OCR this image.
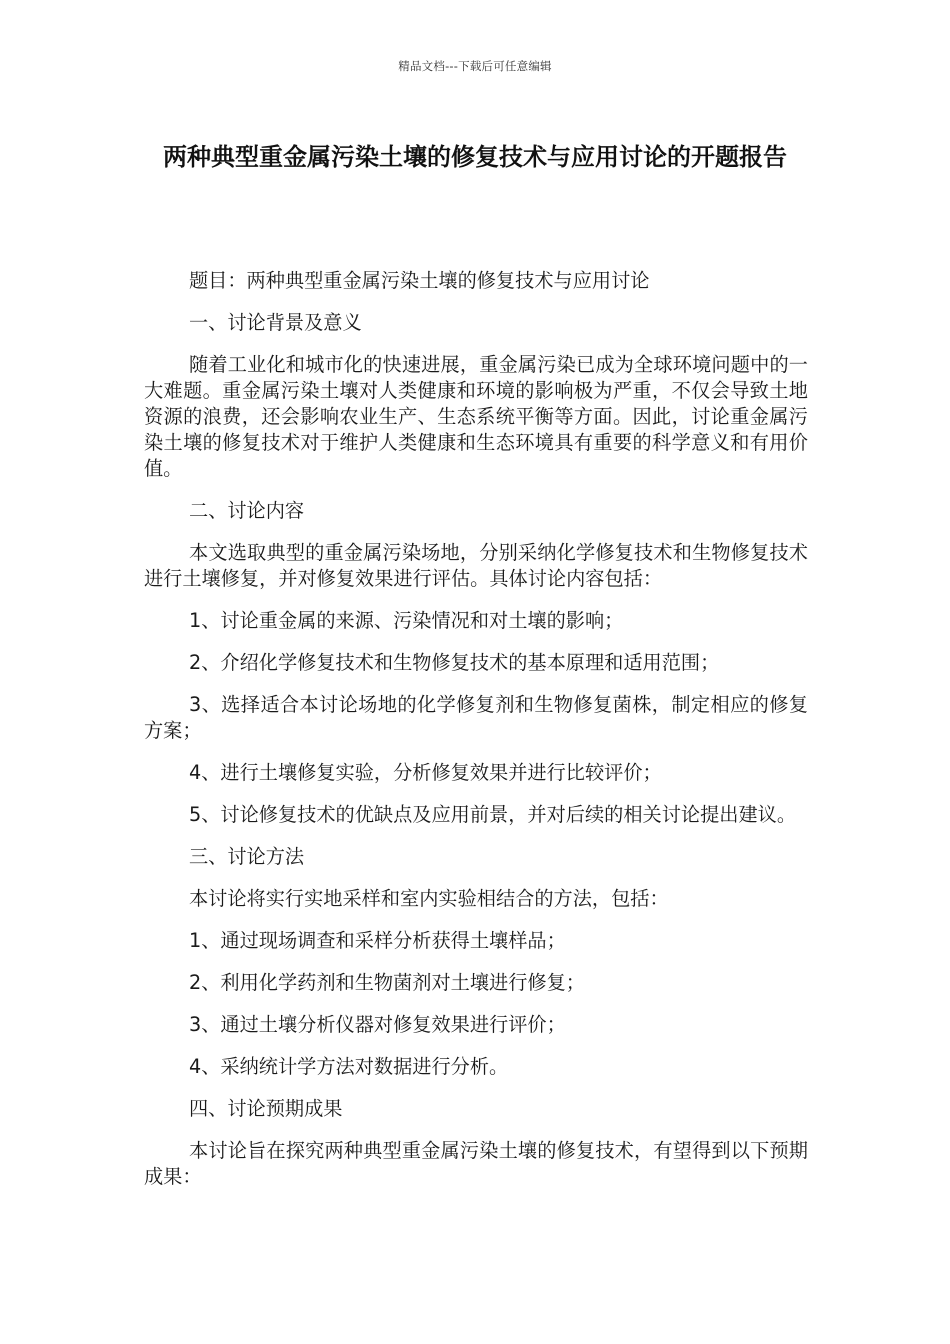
精品文档---下载后可任意编辑
两种典型重金属污染土壤的修复技术与应用讨论的开题报告

题目：两种典型重金属污染土壤的修复技术与应用讨论

一、讨论背景及意义

随着工业化和城市化的快速进展，重金属污染已成为全球环境问题中的一大难题。重金属污染土壤对人类健康和环境的影响极为严重，不仅会导致土地资源的浪费，还会影响农业生产、生态系统平衡等方面。因此，讨论重金属污染土壤的修复技术对于维护人类健康和生态环境具有重要的科学意义和有用价值。

二、讨论内容

本文选取典型的重金属污染场地，分别采纳化学修复技术和生物修复技术进行土壤修复，并对修复效果进行评估。具体讨论内容包括：

1、讨论重金属的来源、污染情况和对土壤的影响；

2、介绍化学修复技术和生物修复技术的基本原理和适用范围；

3、选择适合本讨论场地的化学修复剂和生物修复菌株，制定相应的修复方案；

4、进行土壤修复实验，分析修复效果并进行比较评价；

5、讨论修复技术的优缺点及应用前景，并对后续的相关讨论提出建议。

三、讨论方法

本讨论将实行实地采样和室内实验相结合的方法，包括：

1、通过现场调查和采样分析获得土壤样品；

2、利用化学药剂和生物菌剂对土壤进行修复；

3、通过土壤分析仪器对修复效果进行评价；

4、采纳统计学方法对数据进行分析。

四、讨论预期成果

本讨论旨在探究两种典型重金属污染土壤的修复技术，有望得到以下预期成果：
